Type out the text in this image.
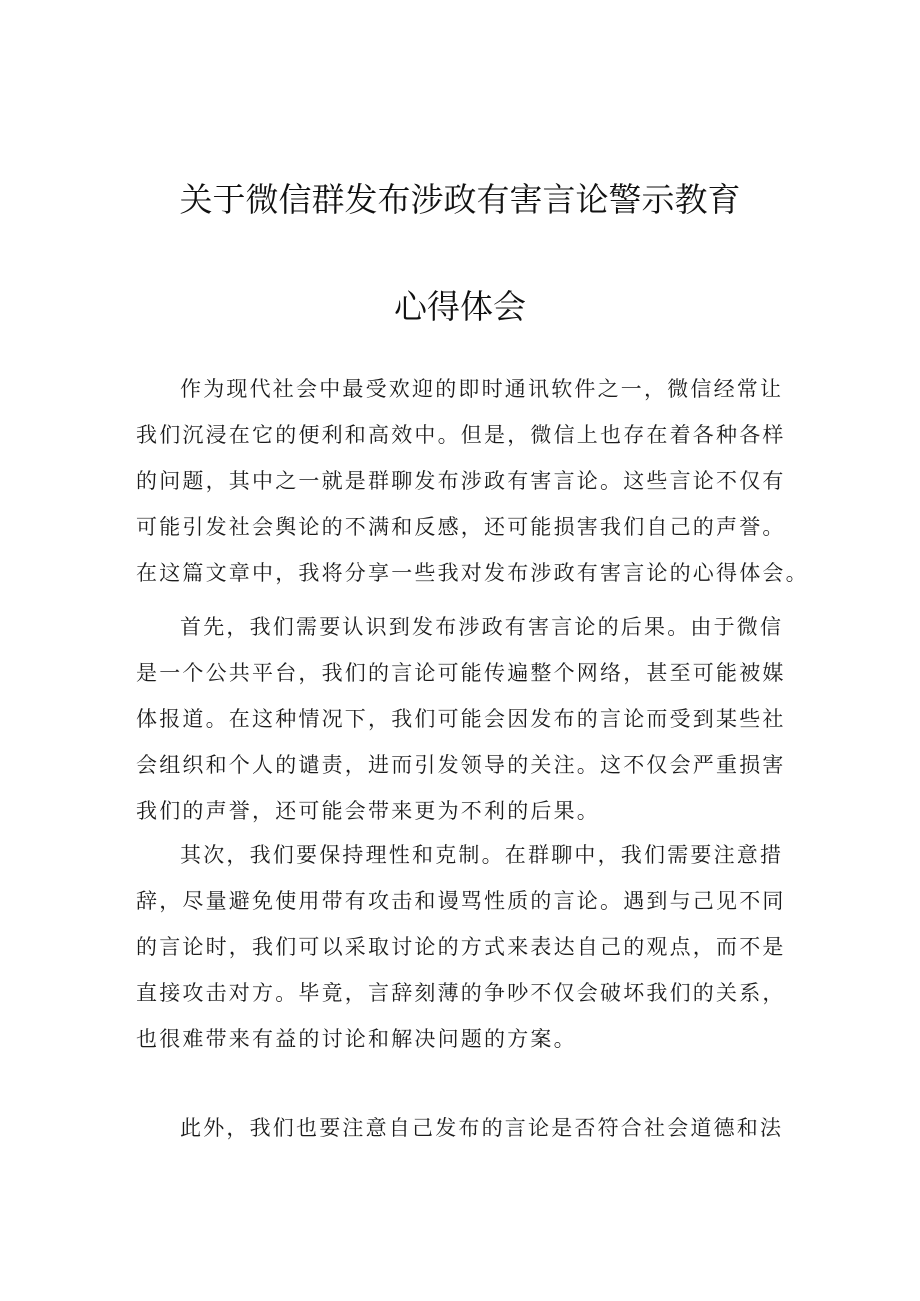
关于微信群发布涉政有害言论警示教育
心得体会
作为现代社会中最受欢迎的即时通讯软件之一，微信经常让
我们沉浸在它的便利和高效中。但是，微信上也存在着各种各样
的问题，其中之一就是群聊发布涉政有害言论。这些言论不仅有
可能引发社会舆论的不满和反感，还可能损害我们自己的声誉。
在这篇文章中，我将分享一些我对发布涉政有害言论的心得体会。
首先，我们需要认识到发布涉政有害言论的后果。由于微信
是一个公共平台，我们的言论可能传遍整个网络，甚至可能被媒
体报道。在这种情况下，我们可能会因发布的言论而受到某些社
会组织和个人的谴责，进而引发领导的关注。这不仅会严重损害
我们的声誉，还可能会带来更为不利的后果。
其次，我们要保持理性和克制。在群聊中，我们需要注意措
辞，尽量避免使用带有攻击和谩骂性质的言论。遇到与己见不同
的言论时，我们可以采取讨论的方式来表达自己的观点，而不是
直接攻击对方。毕竟，言辞刻薄的争吵不仅会破坏我们的关系，
也很难带来有益的讨论和解决问题的方案。
此外，我们也要注意自己发布的言论是否符合社会道德和法
